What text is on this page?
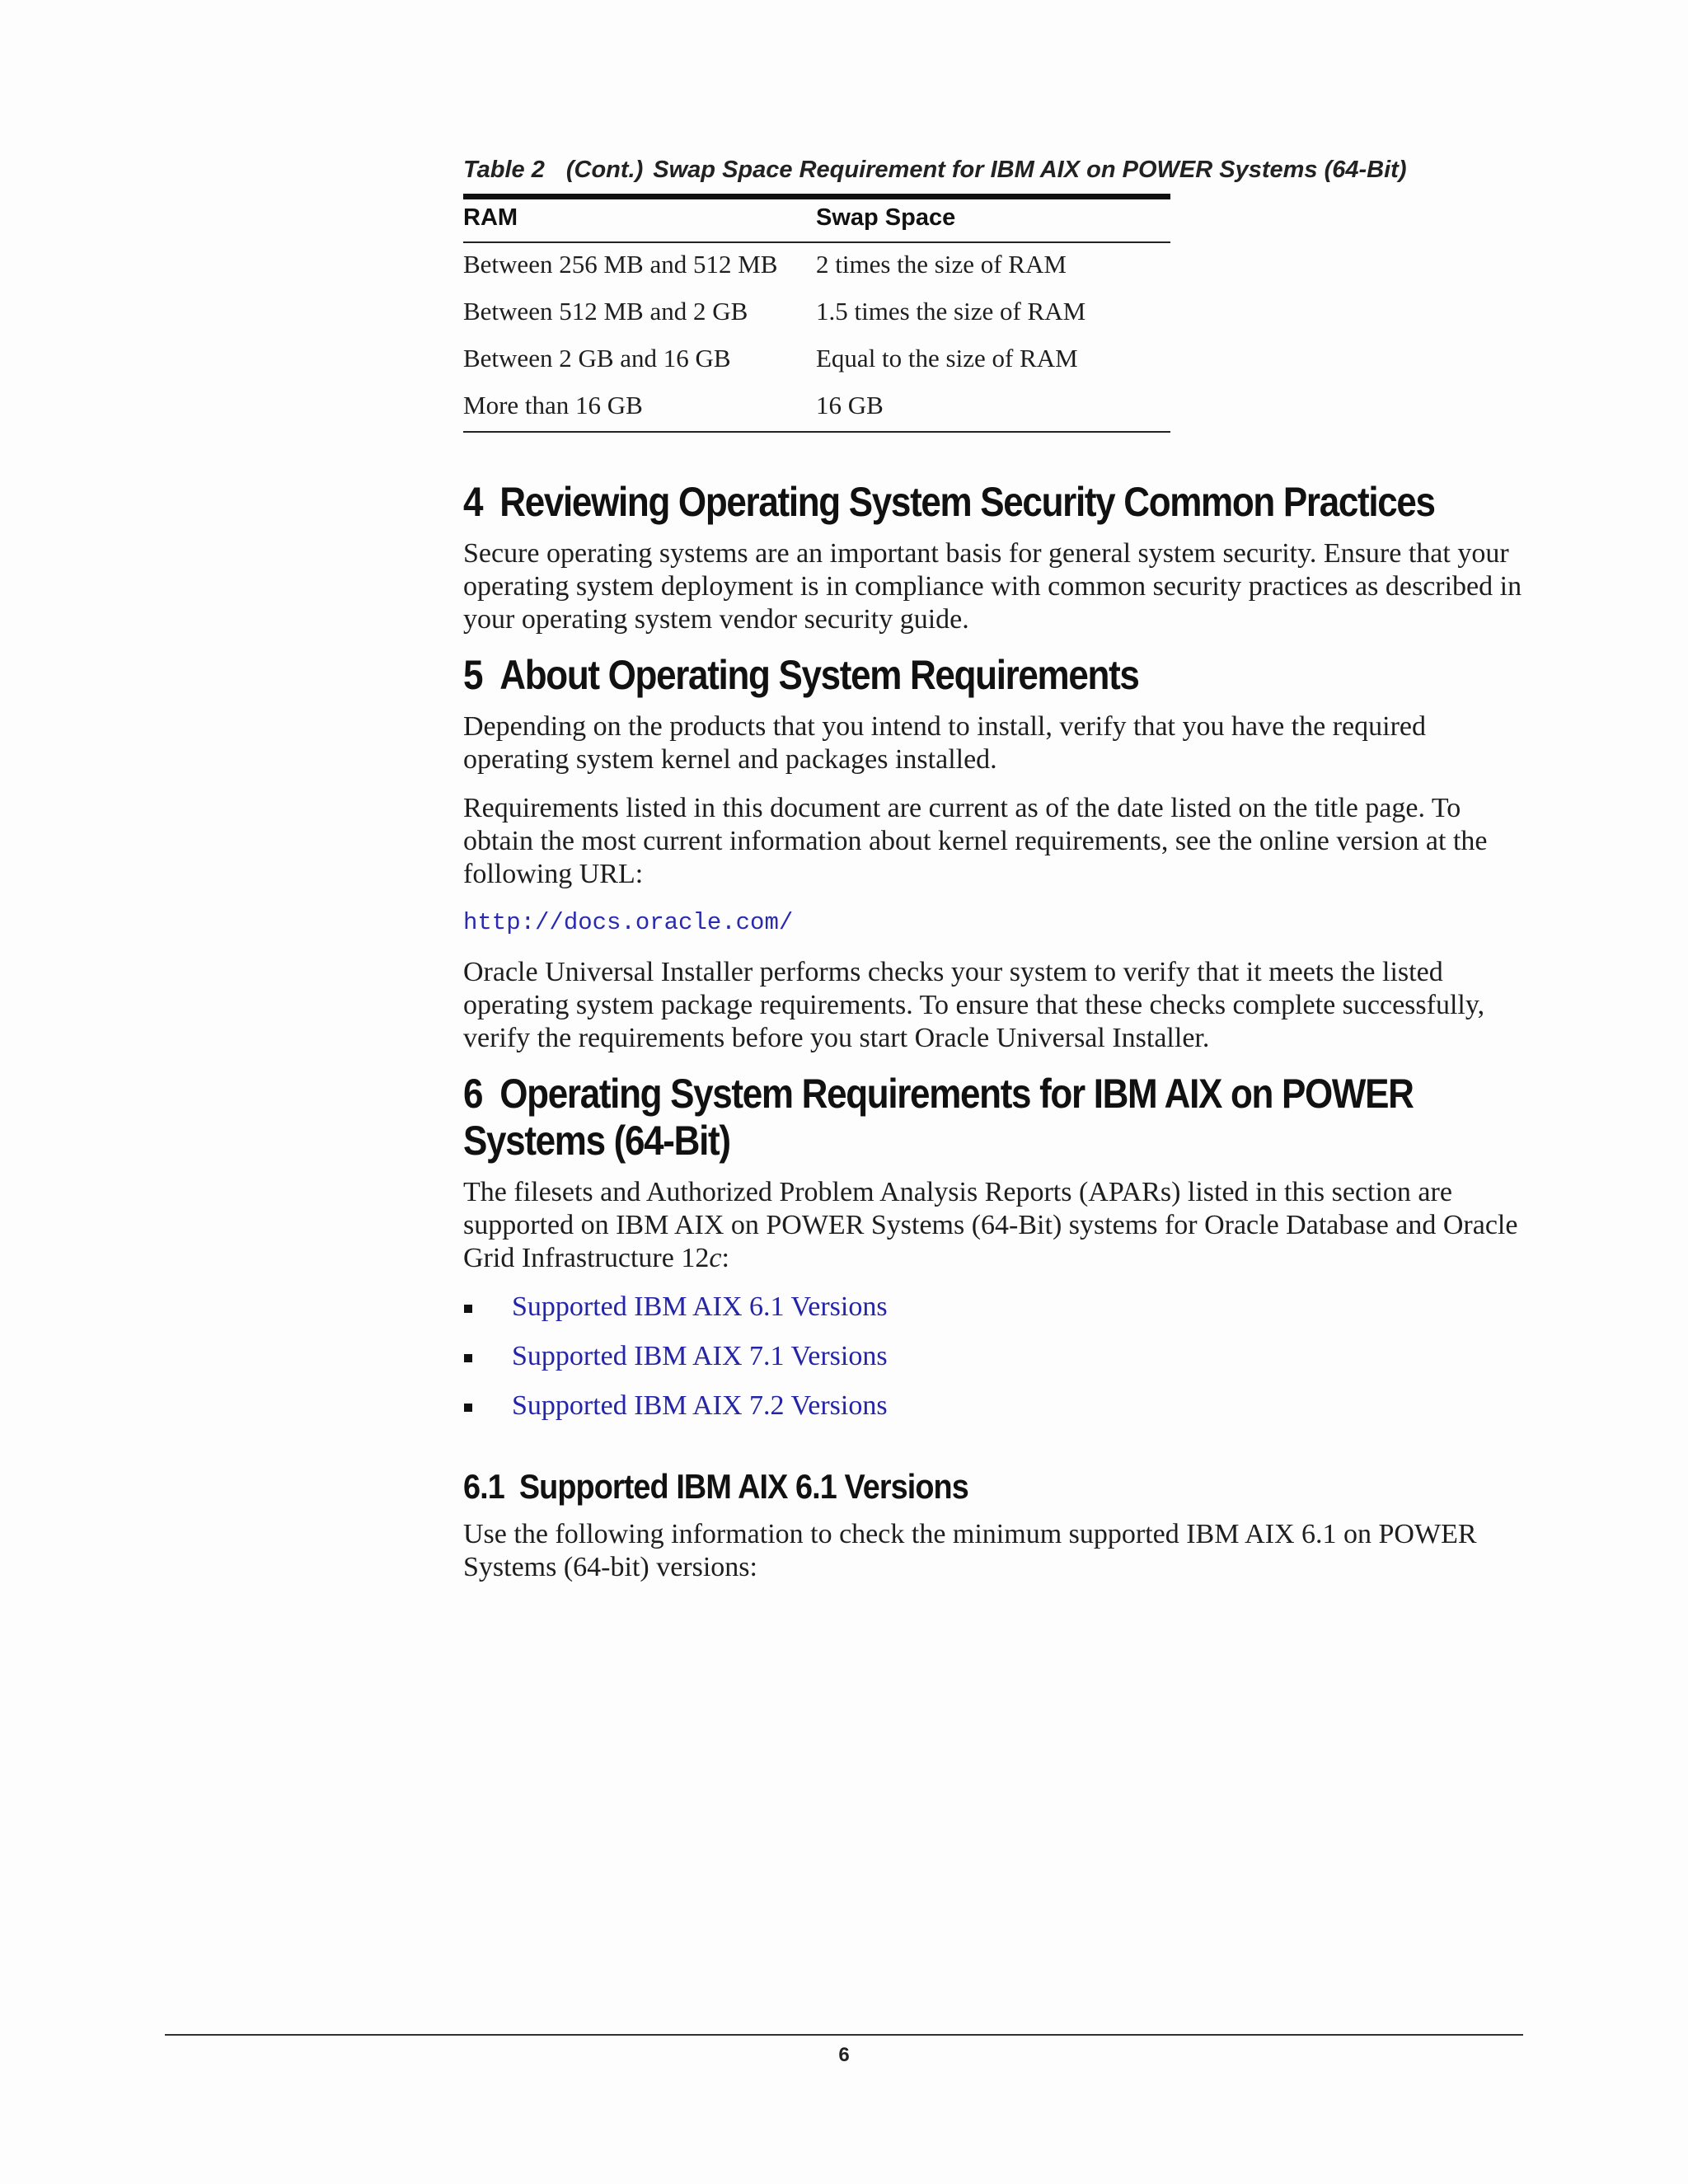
Table 2 (Cont.) Swap Space Requirement for IBM AIX on POWER Systems (64-Bit)
RAM	Swap Space
Between 256 MB and 512 MB	2 times the size of RAM
Between 512 MB and 2 GB	1.5 times the size of RAM
Between 2 GB and 16 GB	Equal to the size of RAM
More than 16 GB	16 GB
4 Reviewing Operating System Security Common Practices

Secure operating systems are an important basis for general system security. Ensure that your operating system deployment is in compliance with common security practices as described in your operating system vendor security guide.

5 About Operating System Requirements

Depending on the products that you intend to install, verify that you have the required operating system kernel and packages installed.

Requirements listed in this document are current as of the date listed on the title page. To obtain the most current information about kernel requirements, see the online version at the following URL:

http://docs.oracle.com/

Oracle Universal Installer performs checks your system to verify that it meets the listed operating system package requirements. To ensure that these checks complete successfully, verify the requirements before you start Oracle Universal Installer.

6 Operating System Requirements for IBM AIX on POWER
Systems (64-Bit)

The filesets and Authorized Problem Analysis Reports (APARs) listed in this section are supported on IBM AIX on POWER Systems (64-Bit) systems for Oracle Database and Oracle Grid Infrastructure 12c:

Supported IBM AIX 6.1 Versions
Supported IBM AIX 7.1 Versions
Supported IBM AIX 7.2 Versions
6.1 Supported IBM AIX 6.1 Versions

Use the following information to check the minimum supported IBM AIX 6.1 on POWER Systems (64-bit) versions:

6
